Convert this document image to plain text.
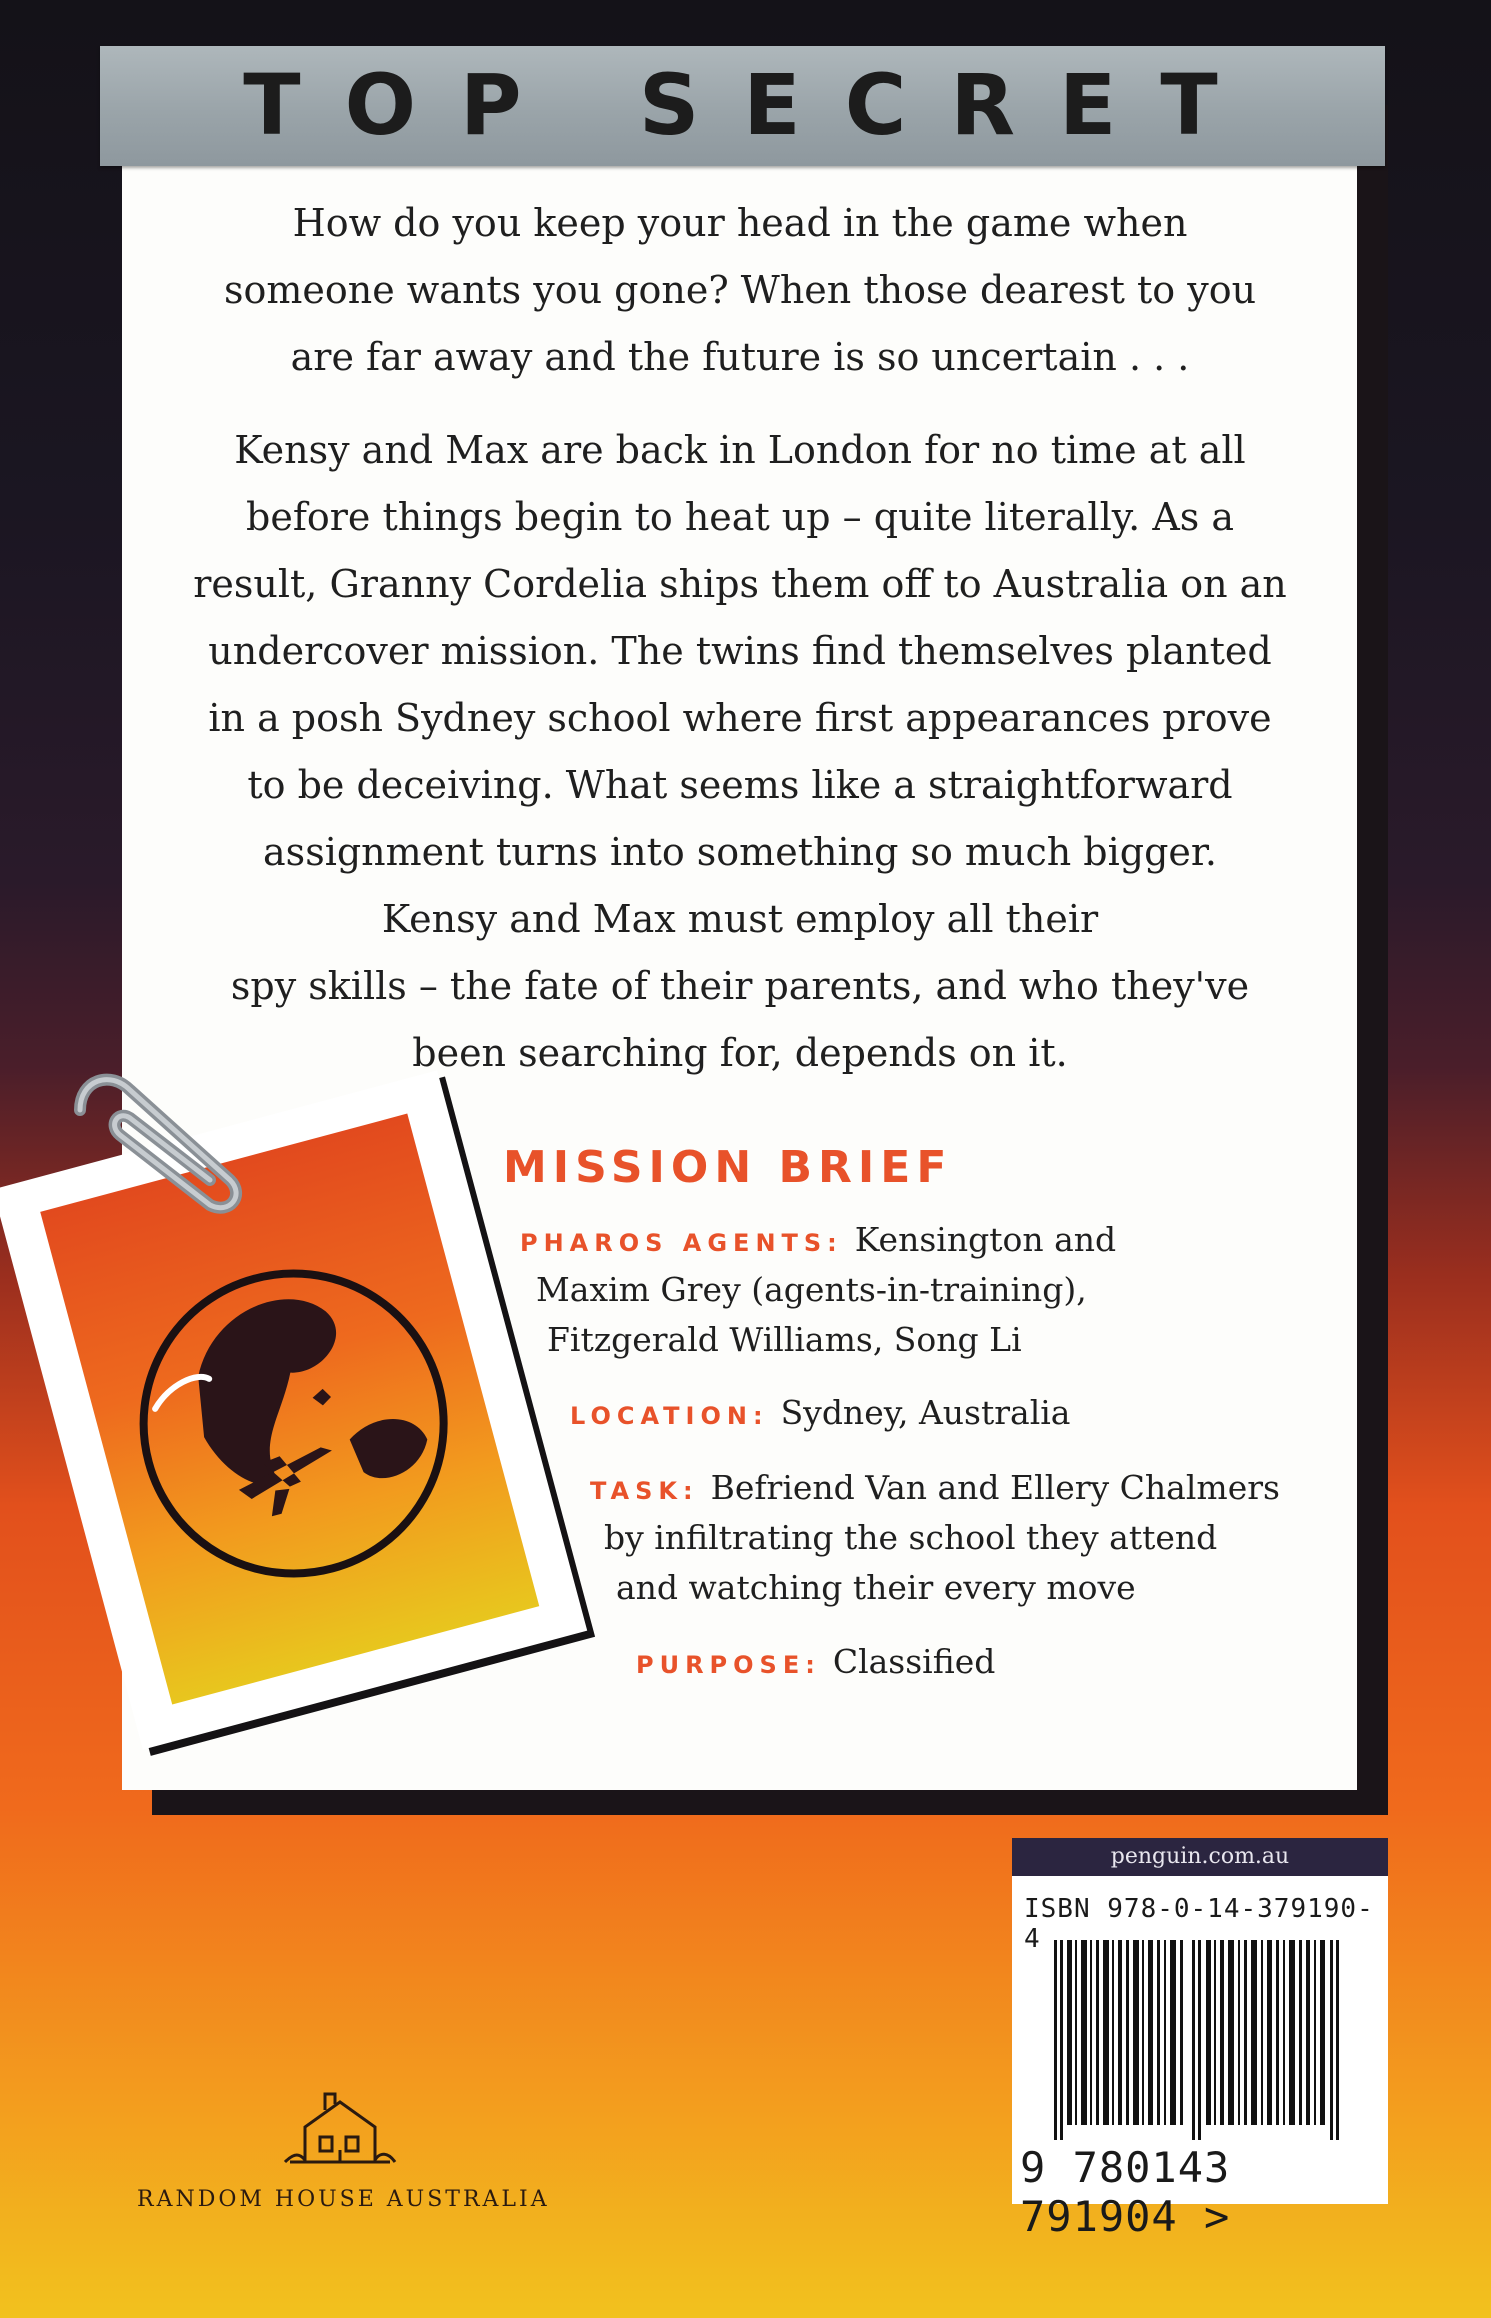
TOP SECRET

How do you keep your head in the game when
someone wants you gone? When those dearest to you
are far away and the future is so uncertain . . .

Kensy and Max are back in London for no time at all
before things begin to heat up – quite literally. As a
result, Granny Cordelia ships them off to Australia on an
undercover mission. The twins find themselves planted
in a posh Sydney school where first appearances prove
to be deceiving. What seems like a straightforward
assignment turns into something so much bigger.
Kensy and Max must employ all their
spy skills – the fate of their parents, and who they've
been searching for, depends on it.

MISSION BRIEF
PHAROS AGENTS: Kensington and
Maxim Grey (agents-in-training),
Fitzgerald Williams, Song Li
LOCATION: Sydney, Australia
TASK: Befriend Van and Ellery Chalmers
by infiltrating the school they attend
and watching their every move
PURPOSE: Classified
penguin.com.au
ISBN 978-0-14-379190-4
9 780143 791904 >
RANDOM HOUSE AUSTRALIA
